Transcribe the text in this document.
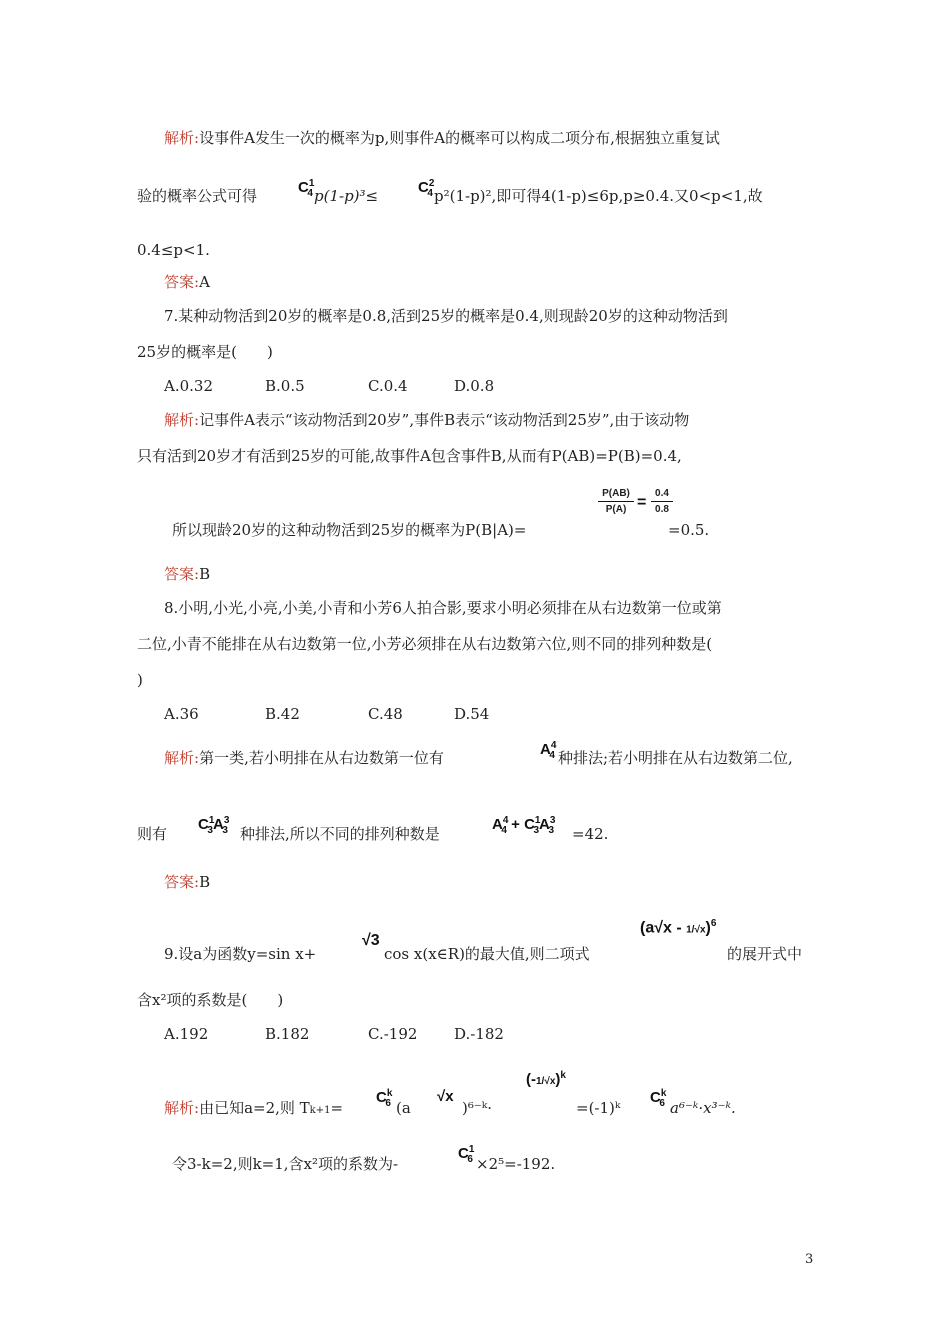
解析:设事件A发生一次的概率为p,则事件A的概率可以构成二项分布,根据独立重复试
验的概率公式可得	$C^1_4$ p(1-p)³≤	$C^2_4$ p²(1-p)²,即可得4(1-p)≤6p,p≥0.4.又0<p<1,故
0.4≤p<1.
答案:A
7.某种动物活到20岁的概率是0.8,活到25岁的概率是0.4,则现龄20岁的这种动物活到
25岁的概率是(　　)
A.0.32	B.0.5	C.0.4	D.0.8
解析:记事件A表示“该动物活到20岁”,事件B表示“该动物活到25岁”,由于该动物
只有活到20岁才有活到25岁的可能,故事件A包含事件B,从而有P(AB)=P(B)=0.4,
所以现龄20岁的这种动物活到25岁的概率为P(B|A)=
P(AB)
P(A) =
0.4
0.8
=0.5.
答案:B
8.小明,小光,小亮,小美,小青和小芳6人拍合影,要求小明必须排在从右边数第一位或第
二位,小青不能排在从右边数第一位,小芳必须排在从右边数第六位,则不同的排列种数是(
)
A.36	B.42	C.48	D.54
解析:第一类,若小明排在从右边数第一位有	$A^4_4$ 种排法;若小明排在从右边数第二位,
则有
$C^1_3A^3_3$ 种排法,所以不同的排列种数是
$A^4_4 + C^1_3A^3_3 =42$.
答案:B
9.设a为函数y=sin x+
√3
cos x(x∈R)的最大值,则二项式
(a√x - 1/√x)$^6$
的展开式中
含x²项的系数是(　　)
A.192	B.182	C.-192 D.-182
解析:由已知a=2,则 Tk+1=
$C^k_6$ (a
√x
)⁶⁻ᵏ·
$(-1/√x)^k$
=(-1)ᵏ
$C^k_6$ a⁶⁻ᵏ·x³⁻ᵏ.
令3-k=2,则k=1,含x²项的系数为-
$C^1_6 \times 2^5=-192$.
3
